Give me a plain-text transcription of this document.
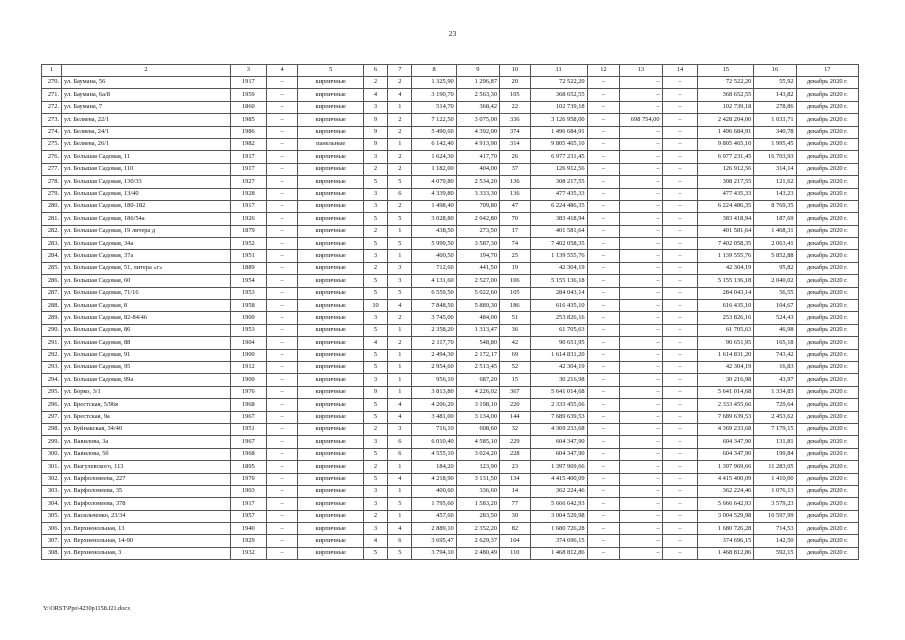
23
1	2	3	4	5	6	7	8	9	10	11	12	13	14	15	16	17
270.	ул. Баумана, 56	1917	–	кирпичные	2	2	1 325,90	1 296,87	20	72 522,20	–	–	–	72 522,20	55,92	декабрь 2020 г.
271.	ул. Баумана, 6а/8	1959	–	кирпичные	4	4	3 190,70	2 563,30	105	368 652,55	–	–	–	368 652,55	143,82	декабрь 2020 г.
272.	ул. Баумана, 7	1860	–	кирпичные	3	1	514,70	368,42	22	102 739,18	–	–	–	102 739,18	278,86	декабрь 2020 г.
273.	ул. Беляева, 22/1	1985	–	кирпичные	9	2	7 122,50	3 075,00	336	3 126 958,00	–	698 754,00	–	2 428 204,00	1 033,71	декабрь 2020 г.
274.	ул. Беляева, 24/1	1986	–	кирпичные	9	2	5 490,60	4 392,00	374	1 496 684,91	–	–	–	1 496 684,91	340,78	декабрь 2020 г.
275.	ул. Беляева, 26/1	1982	–	панельные	9	1	6 142,40	4 913,90	314	9 805 465,10	–	–	–	9 805 465,10	1 995,45	декабрь 2020 г.
276.	ул. Большая Садовая, 11	1917	–	кирпичные	3	2	1 624,30	417,70	26	6 977 231,45	–	–	–	6 977 231,45	16 703,93	декабрь 2020 г.
277.	ул. Большая Садовая, 110	1917	–	кирпичные	2	2	1 182,00	404,00	37	126 912,56	–	–	–	126 912,56	314,14	декабрь 2020 г.
278.	ул. Большая Садовая, 130/33	1927	–	кирпичные	5	5	4 079,80	2 534,20	136	308 217,55	–	–	–	308 217,55	121,62	декабрь 2020 г.
279.	ул. Большая Садовая, 13/40	1928	–	кирпичные	3	6	4 339,80	3 333,30	136	477 435,33	–	–	–	477 435,33	143,23	декабрь 2020 г.
280.	ул. Большая Садовая, 180-182	1917	–	кирпичные	3	2	1 498,40	709,80	47	6 224 486,35	–	–	–	6 224 486,35	8 769,35	декабрь 2020 г.
281.	ул. Большая Садовая, 186/54а	1926	–	кирпичные	5	5	3 028,80	2 042,80	70	383 418,94	–	–	–	383 418,94	187,69	декабрь 2020 г.
282.	ул. Большая Садовая, 19 литера д	1879	–	кирпичные	2	1	438,50	273,50	17	401 581,64	–	–	–	401 581,64	1 468,31	декабрь 2020 г.
283.	ул. Большая Садовая, 34а	1952	–	кирпичные	5	5	5 999,50	3 587,30	74	7 402 058,35	–	–	–	7 402 058,35	2 063,41	декабрь 2020 г.
284.	ул. Большая Садовая, 37а	1951	–	кирпичные	3	1	400,50	194,70	25	1 139 555,76	–	–	–	1 139 555,76	5 852,88	декабрь 2020 г.
285.	ул. Большая Садовая, 51, литера «г»	1889	–	кирпичные	2	3	712,60	441,50	19	42 304,19	–	–	–	42 304,19	95,82	декабрь 2020 г.
286.	ул. Большая Садовая, 60	1954	–	кирпичные	5	3	4 131,60	2 527,00	106	5 155 136,18	–	–	–	5 155 136,18	2 040,02	декабрь 2020 г.
287.	ул. Большая Садовая, 71/16	1953	–	кирпичные	5	5	6 559,50	5 022,60	105	284 043,14	–	–	–	284 043,14	56,55	декабрь 2020 г.
288.	ул. Большая Садовая, 8	1958	–	кирпичные	10	4	7 848,50	5 889,30	186	616 435,10	–	–	–	616 435,10	104,67	декабрь 2020 г.
289.	ул. Большая Садовая, 82-84/46	1900	–	кирпичные	3	2	3 745,00	484,00	51	253 826,16	–	–	–	253 826,16	524,43	декабрь 2020 г.
290.	ул. Большая Садовая, 86	1953	–	кирпичные	5	1	2 358,20	1 313,47	36	61 705,63	–	–	–	61 705,63	46,98	декабрь 2020 г.
291.	ул. Большая Садовая, 88	1904	–	кирпичные	4	2	2 117,70	548,80	42	90 651,95	–	–	–	90 651,95	165,18	декабрь 2020 г.
292.	ул. Большая Садовая, 91	1900	–	кирпичные	5	1	2 494,30	2 172,17	69	1 614 831,20	–	–	–	1 614 831,20	743,42	декабрь 2020 г.
293.	ул. Большая Садовая, 95	1912	–	кирпичные	5	1	2 954,60	2 513,45	52	42 304,19	–	–	–	42 304,19	16,83	декабрь 2020 г.
294.	ул. Большая Садовая, 99а	1900	–	кирпичные	3	1	956,10	687,20	15	30 216,98	–	–	–	30 216,98	43,97	декабрь 2020 г.
295.	ул. Борко, 3/1	1976	–	кирпичные	9	1	3 813,80	4 226,02	367	5 641 014,68	–	–	–	5 641 014,68	1 334,83	декабрь 2020 г.
296.	ул. Брестская, 5/96в	1968	–	кирпичные	5	4	4 206,20	3 198,10	220	2 333 455,66	–	–	–	2 333 455,66	729,64	декабрь 2020 г.
297.	ул. Брестская, 9а	1967	–	кирпичные	5	4	3 481,00	3 134,00	144	7 689 639,53	–	–	–	7 689 639,53	2 453,62	декабрь 2020 г.
298.	ул. Буйнакская, 34/40	1951	–	кирпичные	2	3	716,10	608,60	32	4 369 233,68	–	–	–	4 369 233,68	7 179,15	декабрь 2020 г.
299.	ул. Вавилова, 3а	1967	–	кирпичные	3	6	6 010,40	4 585,10	229	604 347,90	–	–	–	604 347,90	131,81	декабрь 2020 г.
300.	ул. Вавилова, 5б	1968	–	кирпичные	5	6	4 555,10	3 024,20	228	604 347,90	–	–	–	604 347,90	199,84	декабрь 2020 г.
301.	ул. Выгулевского, 113	1895	–	кирпичные	2	1	184,20	123,90	23	1 397 969,66	–	–	–	1 397 969,66	11 283,05	декабрь 2020 г.
302.	ул. Варфоломеева, 227	1970	–	кирпичные	5	4	4 218,90	3 131,50	134	4 415 400,09	–	–	–	4 415 400,09	1 410,00	декабрь 2020 г.
303.	ул. Варфоломеева, 35	1903	–	кирпичные	3	1	400,60	336,60	14	362 224,46	–	–	–	362 224,46	1 076,13	декабрь 2020 г.
304.	ул. Варфоломеева, 378	1917	–	кирпичные	3	5	1 795,60	1 583,20	77	5 666 642,93	–	–	–	5 666 642,93	3 579,23	декабрь 2020 г.
305.	ул. Васильченко, 23/34	1957	–	кирпичные	2	1	457,60	283,50	30	3 004 529,98	–	–	–	3 004 529,98	10 597,99	декабрь 2020 г.
306.	ул. Верхненольная, 13	1940	–	кирпичные	3	4	2 889,10	2 352,20	82	1 680 726,28	–	–	–	1 680 726,28	714,53	декабрь 2020 г.
307.	ул. Верхненольная, 14-90	1929	–	кирпичные	4	6	3 695,47	2 629,37	104	374 696,15	–	–	–	374 696,15	142,50	декабрь 2020 г.
308.	ул. Верхненольная, 3	1932	–	кирпичные	5	5	3 794,10	2 480,49	110	1 468 812,86	–	–	–	1 468 812,86	592,15	декабрь 2020 г.
Y:\ORST\Ppo\4230p1158.f21.docx
